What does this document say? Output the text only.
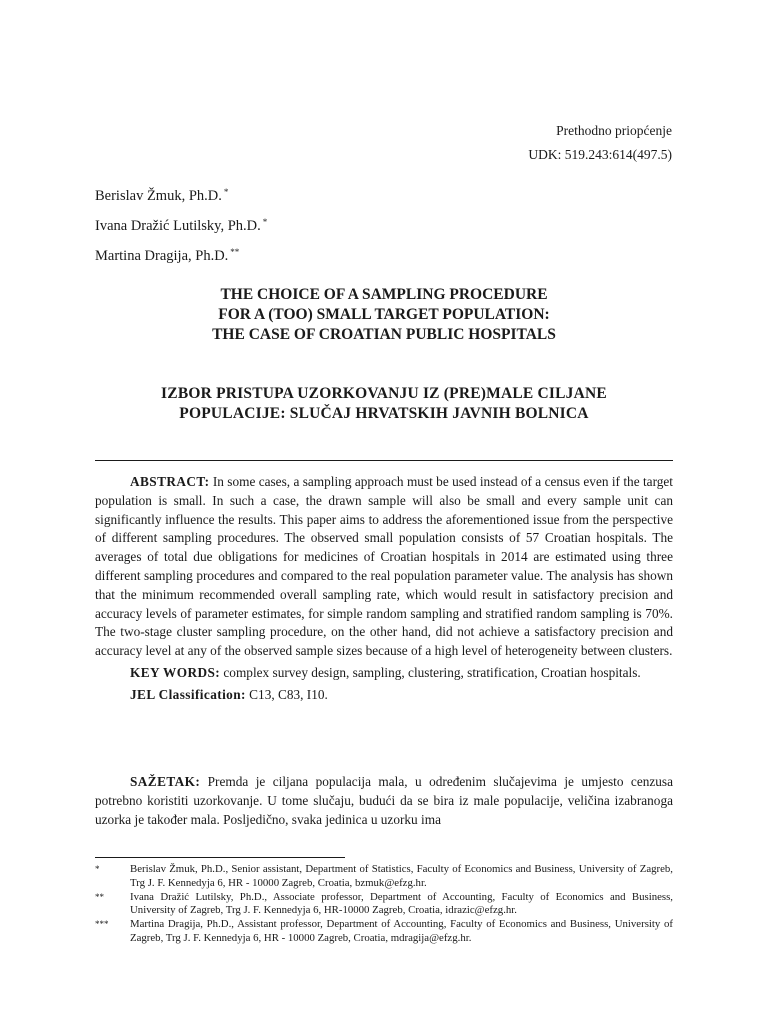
Prethodno priopćenje
UDK: 519.243:614(497.5)
Berislav Žmuk, Ph.D. *
Ivana Dražić Lutilsky, Ph.D. *
Martina Dragija, Ph.D. **
THE CHOICE OF A SAMPLING PROCEDURE
FOR A (TOO) SMALL TARGET POPULATION:
THE CASE OF CROATIAN PUBLIC HOSPITALS
IZBOR PRISTUPA UZORKOVANJU IZ (PRE)MALE CILJANE
POPULACIJE: SLUČAJ HRVATSKIH JAVNIH BOLNICA

ABSTRACT: In some cases, a sampling approach must be used instead of a census even if the target population is small. In such a case, the drawn sample will also be small and every sample unit can significantly influence the results. This paper aims to address the aforementioned issue from the perspective of different sampling procedures. The observed small population consists of 57 Croatian hospitals. The averages of total due obligations for medicines of Croatian hospitals in 2014 are estimated using three different sampling procedures and compared to the real population parameter value. The analysis has shown that the minimum recommended overall sampling rate, which would result in satisfactory precision and accuracy levels of parameter estimates, for simple random sampling and stratified random sampling is 70%. The two-stage cluster sampling procedure, on the other hand, did not achieve a satisfactory precision and accuracy level at any of the observed sample sizes because of a high level of heterogeneity between clusters.

KEY WORDS: complex survey design, sampling, clustering, stratification, Croatian hospitals.

JEL Classification: C13, C83, I10.

SAŽETAK: Premda je ciljana populacija mala, u određenim slučajevima je umjesto cenzusa potrebno koristiti uzorkovanje. U tome slučaju, budući da se bira iz male populacije, veličina izabranoga uzorka je također mala. Posljedično, svaka jedinica u uzorku ima

*	Berislav Žmuk, Ph.D., Senior assistant, Department of Statistics, Faculty of Economics and Business, University of Zagreb, Trg J. F. Kennedyja 6, HR - 10000 Zagreb, Croatia, bzmuk@efzg.hr.
**	Ivana Dražić Lutilsky, Ph.D., Associate professor, Department of Accounting, Faculty of Economics and Business, University of Zagreb, Trg J. F. Kennedyja 6, HR-10000 Zagreb, Croatia, idrazic@efzg.hr.
***	Martina Dragija, Ph.D., Assistant professor, Department of Accounting, Faculty of Economics and Business, University of Zagreb, Trg J. F. Kennedyja 6, HR - 10000 Zagreb, Croatia, mdragija@efzg.hr.
